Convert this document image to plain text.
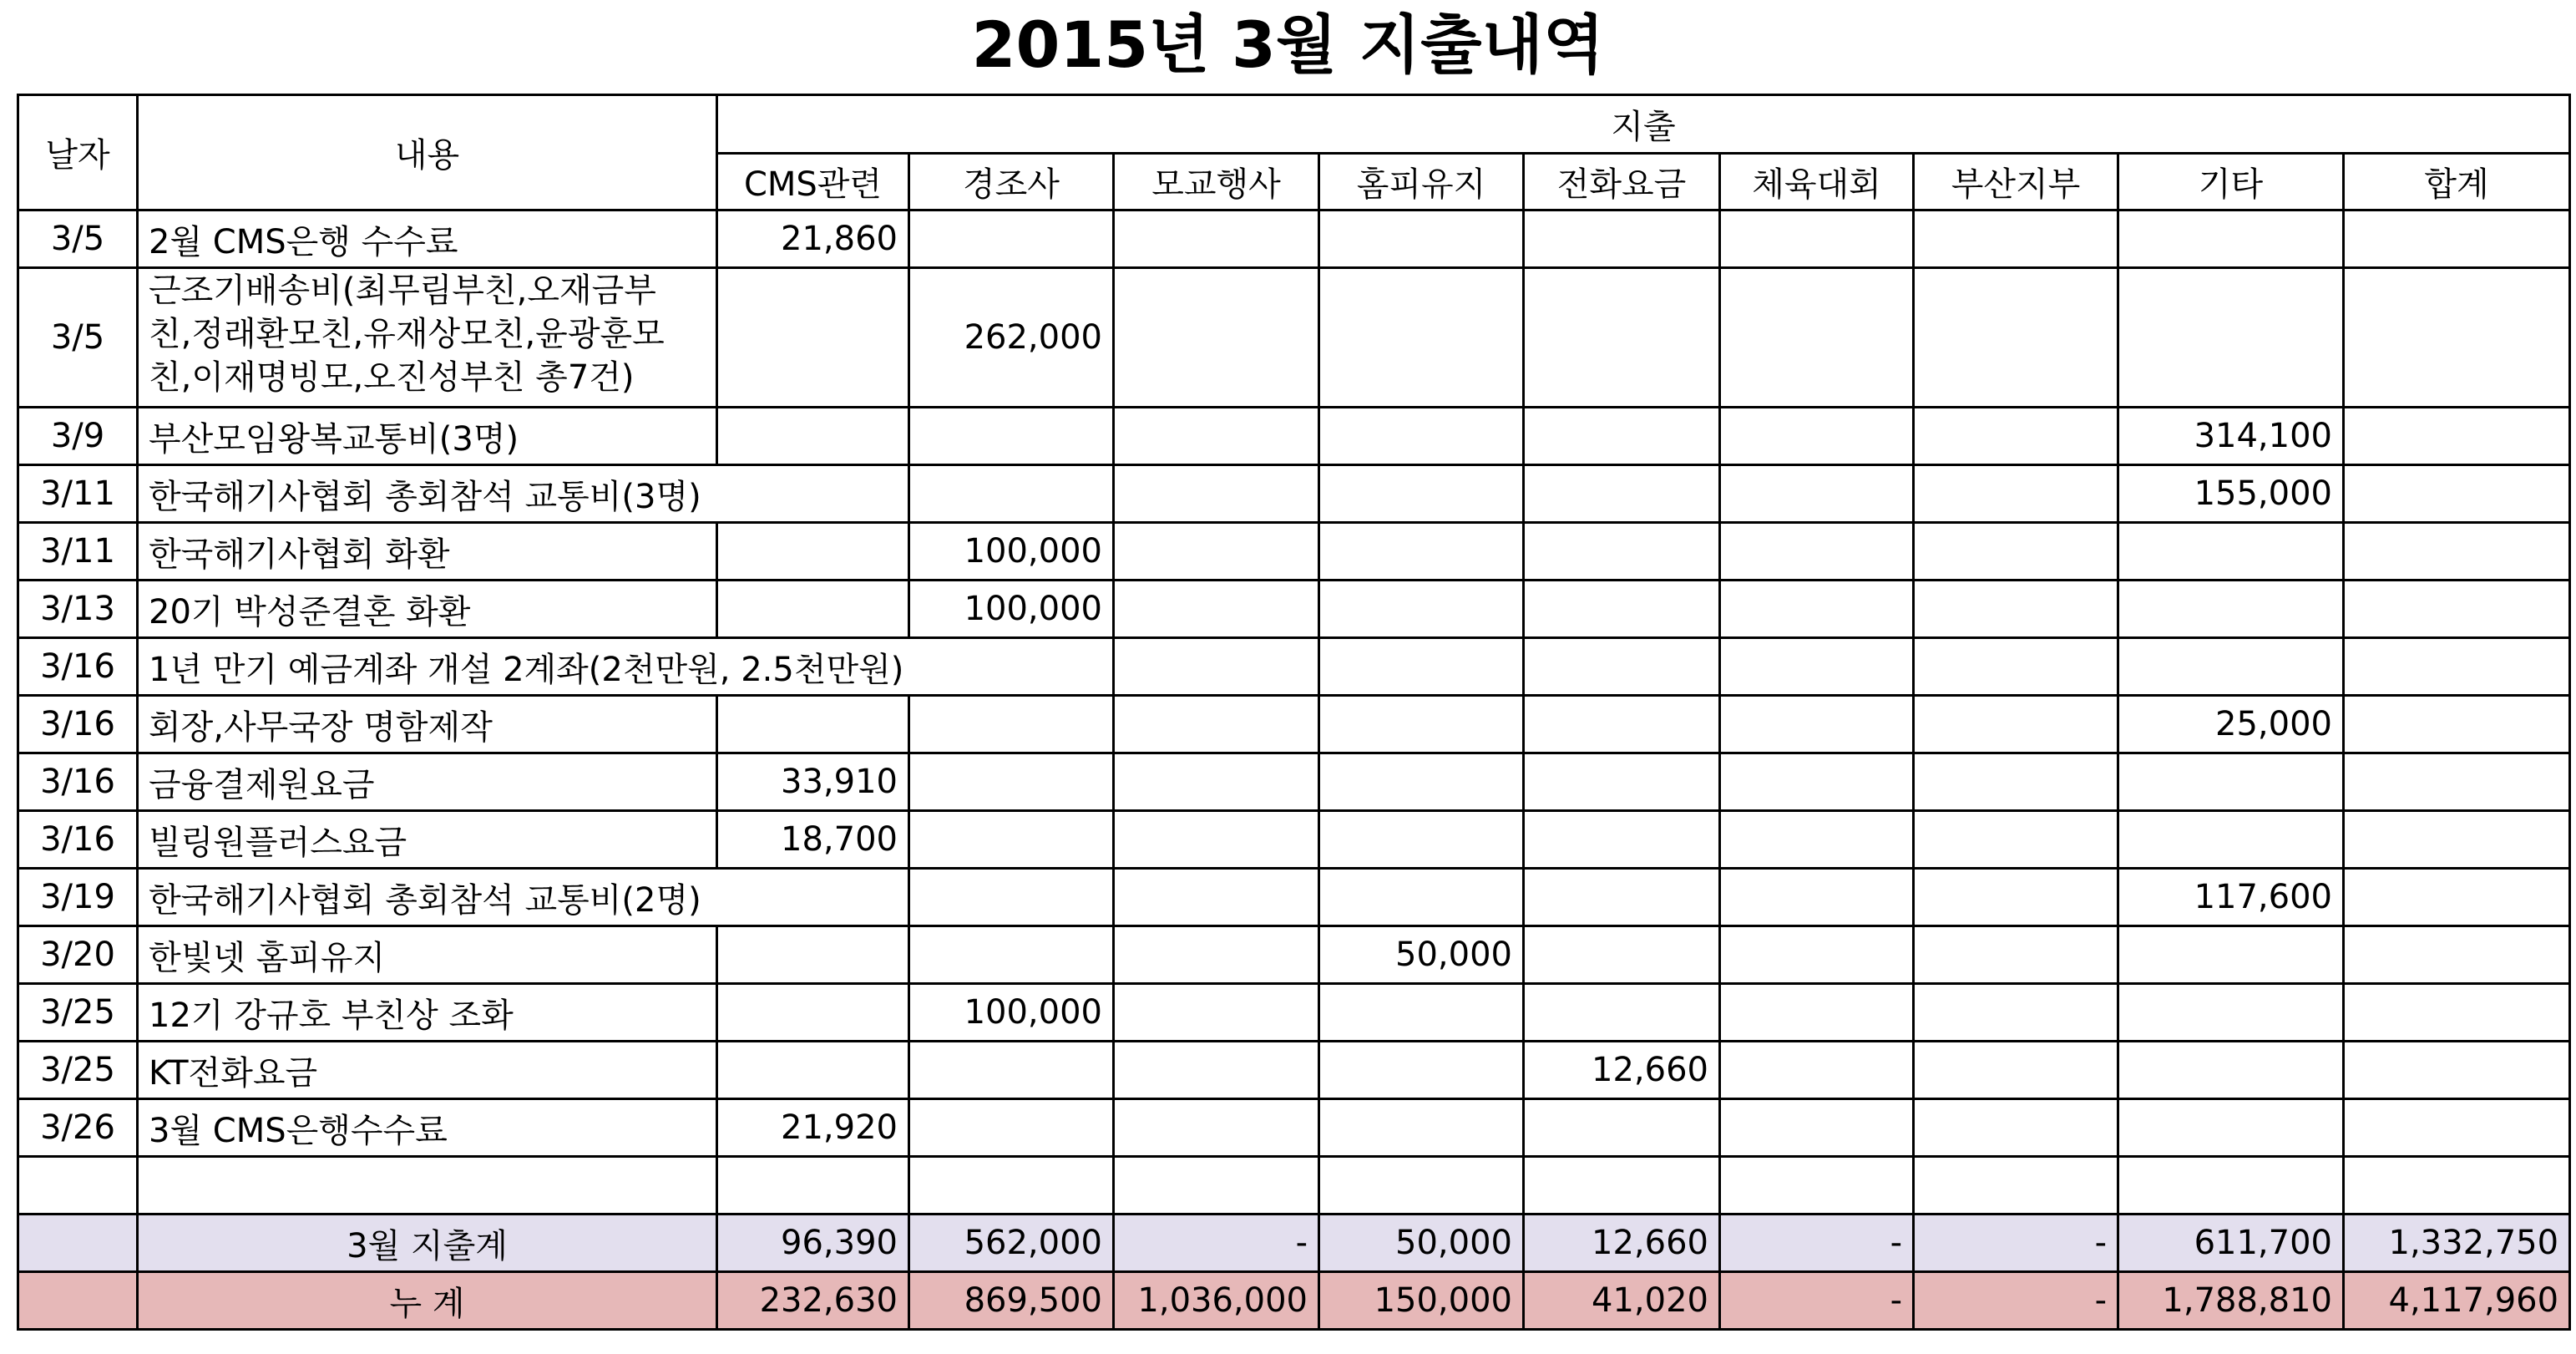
2015년 3월 지출내역
날자	내용	지출								
		CMS관련	경조사	모교행사	홈피유지	전화요금	체육대회	부산지부	기타	합계
3/5	2월 CMS은행 수수료	21,860								
3/5	근조기배송비(최무림부친,오재금부
친,정래환모친,유재상모친,윤광훈모
친,이재명빙모,오진성부친 총7건)		262,000							
3/9	부산모임왕복교통비(3명)								314,100	
3/11	한국해기사협회 총회참석 교통비(3명)								155,000	
3/11	한국해기사협회 화환		100,000							
3/13	20기 박성준결혼 화환		100,000							
3/16	1년 만기 예금계좌 개설 2계좌(2천만원, 2.5천만원)									
3/16	회장,사무국장 명함제작								25,000	
3/16	금융결제원요금	33,910								
3/16	빌링원플러스요금	18,700								
3/19	한국해기사협회 총회참석 교통비(2명)								117,600	
3/20	한빛넷 홈피유지				50,000					
3/25	12기 강규호 부친상 조화		100,000							
3/25	KT전화요금					12,660				
3/26	3월 CMS은행수수료	21,920								

	3월 지출계	96,390	562,000	-	50,000	12,660	-	-	611,700	1,332,750
	누 계	232,630	869,500	1,036,000	150,000	41,020	-	-	1,788,810	4,117,960
